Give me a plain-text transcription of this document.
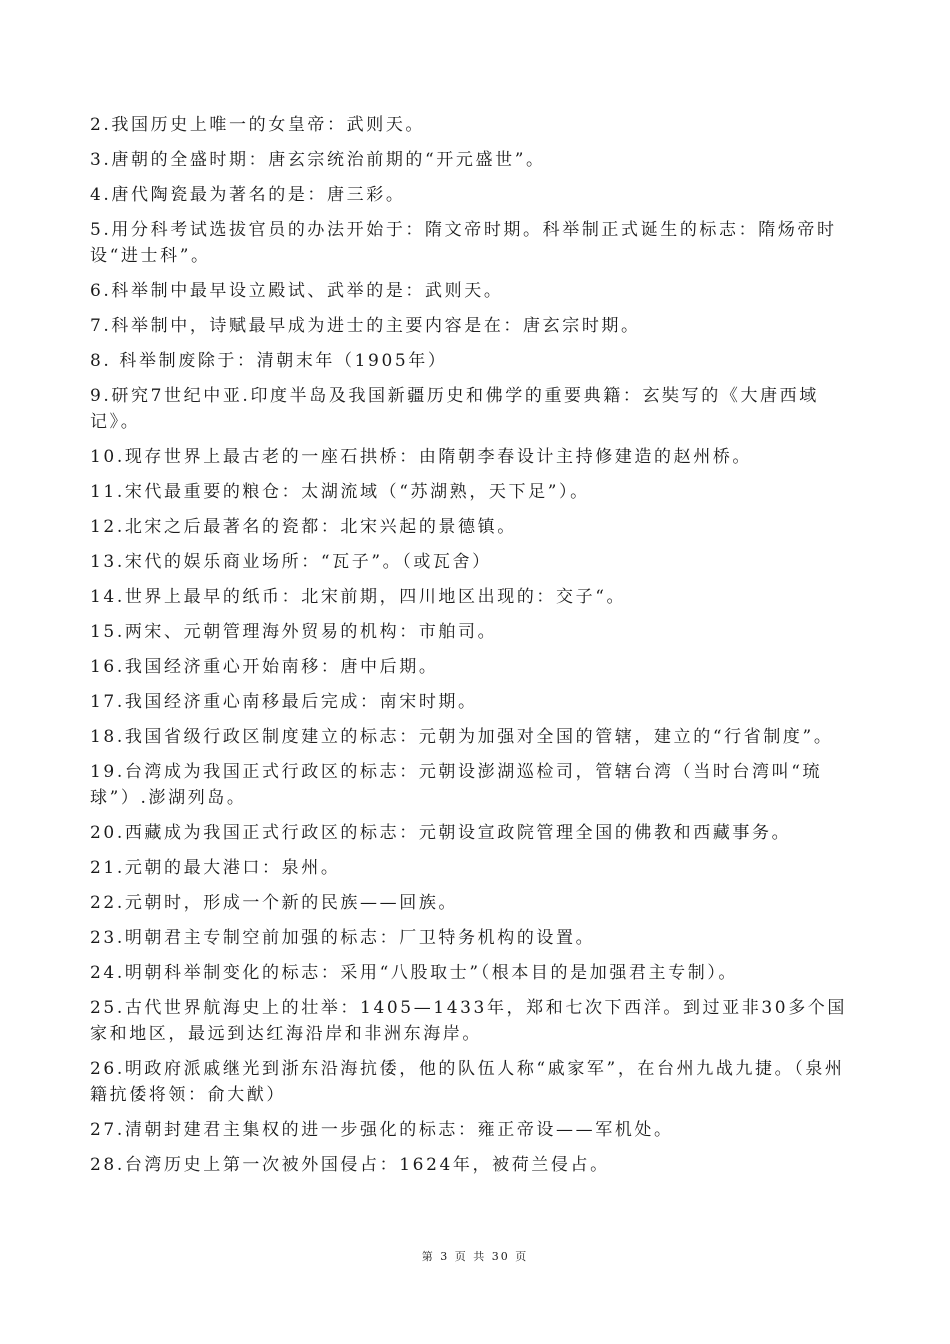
2.我国历史上唯一的女皇帝：武则天。

3.唐朝的全盛时期：唐玄宗统治前期的“开元盛世”。

4.唐代陶瓷最为著名的是：唐三彩。

5.用分科考试选拔官员的办法开始于：隋文帝时期。科举制正式诞生的标志：隋炀帝时设“进士科”。

6.科举制中最早设立殿试、武举的是：武则天。

7.科举制中，诗赋最早成为进士的主要内容是在：唐玄宗时期。

8. 科举制废除于：清朝末年（1905年）

9.研究7世纪中亚.印度半岛及我国新疆历史和佛学的重要典籍：玄奘写的《大唐西域记》。

10.现存世界上最古老的一座石拱桥：由隋朝李春设计主持修建造的赵州桥。

11.宋代最重要的粮仓：太湖流域（“苏湖熟，天下足”）。

12.北宋之后最著名的瓷都：北宋兴起的景德镇。

13.宋代的娱乐商业场所：“瓦子”。（或瓦舍）

14.世界上最早的纸币：北宋前期，四川地区出现的：交子“。

15.两宋、元朝管理海外贸易的机构：市舶司。

16.我国经济重心开始南移：唐中后期。

17.我国经济重心南移最后完成：南宋时期。

18.我国省级行政区制度建立的标志：元朝为加强对全国的管辖，建立的“行省制度”。

19.台湾成为我国正式行政区的标志：元朝设澎湖巡检司，管辖台湾（当时台湾叫“琉球”）.澎湖列岛。

20.西藏成为我国正式行政区的标志：元朝设宣政院管理全国的佛教和西藏事务。

21.元朝的最大港口：泉州。

22.元朝时，形成一个新的民族——回族。

23.明朝君主专制空前加强的标志：厂卫特务机构的设置。

24.明朝科举制变化的标志：采用“八股取士”（根本目的是加强君主专制）。

25.古代世界航海史上的壮举：1405—1433年，郑和七次下西洋。到过亚非30多个国家和地区，最远到达红海沿岸和非洲东海岸。

26.明政府派戚继光到浙东沿海抗倭，他的队伍人称“戚家军”，在台州九战九捷。（泉州籍抗倭将领：俞大猷）

27.清朝封建君主集权的进一步强化的标志：雍正帝设——军机处。

28.台湾历史上第一次被外国侵占：1624年，被荷兰侵占。

第 3 页 共 30 页
